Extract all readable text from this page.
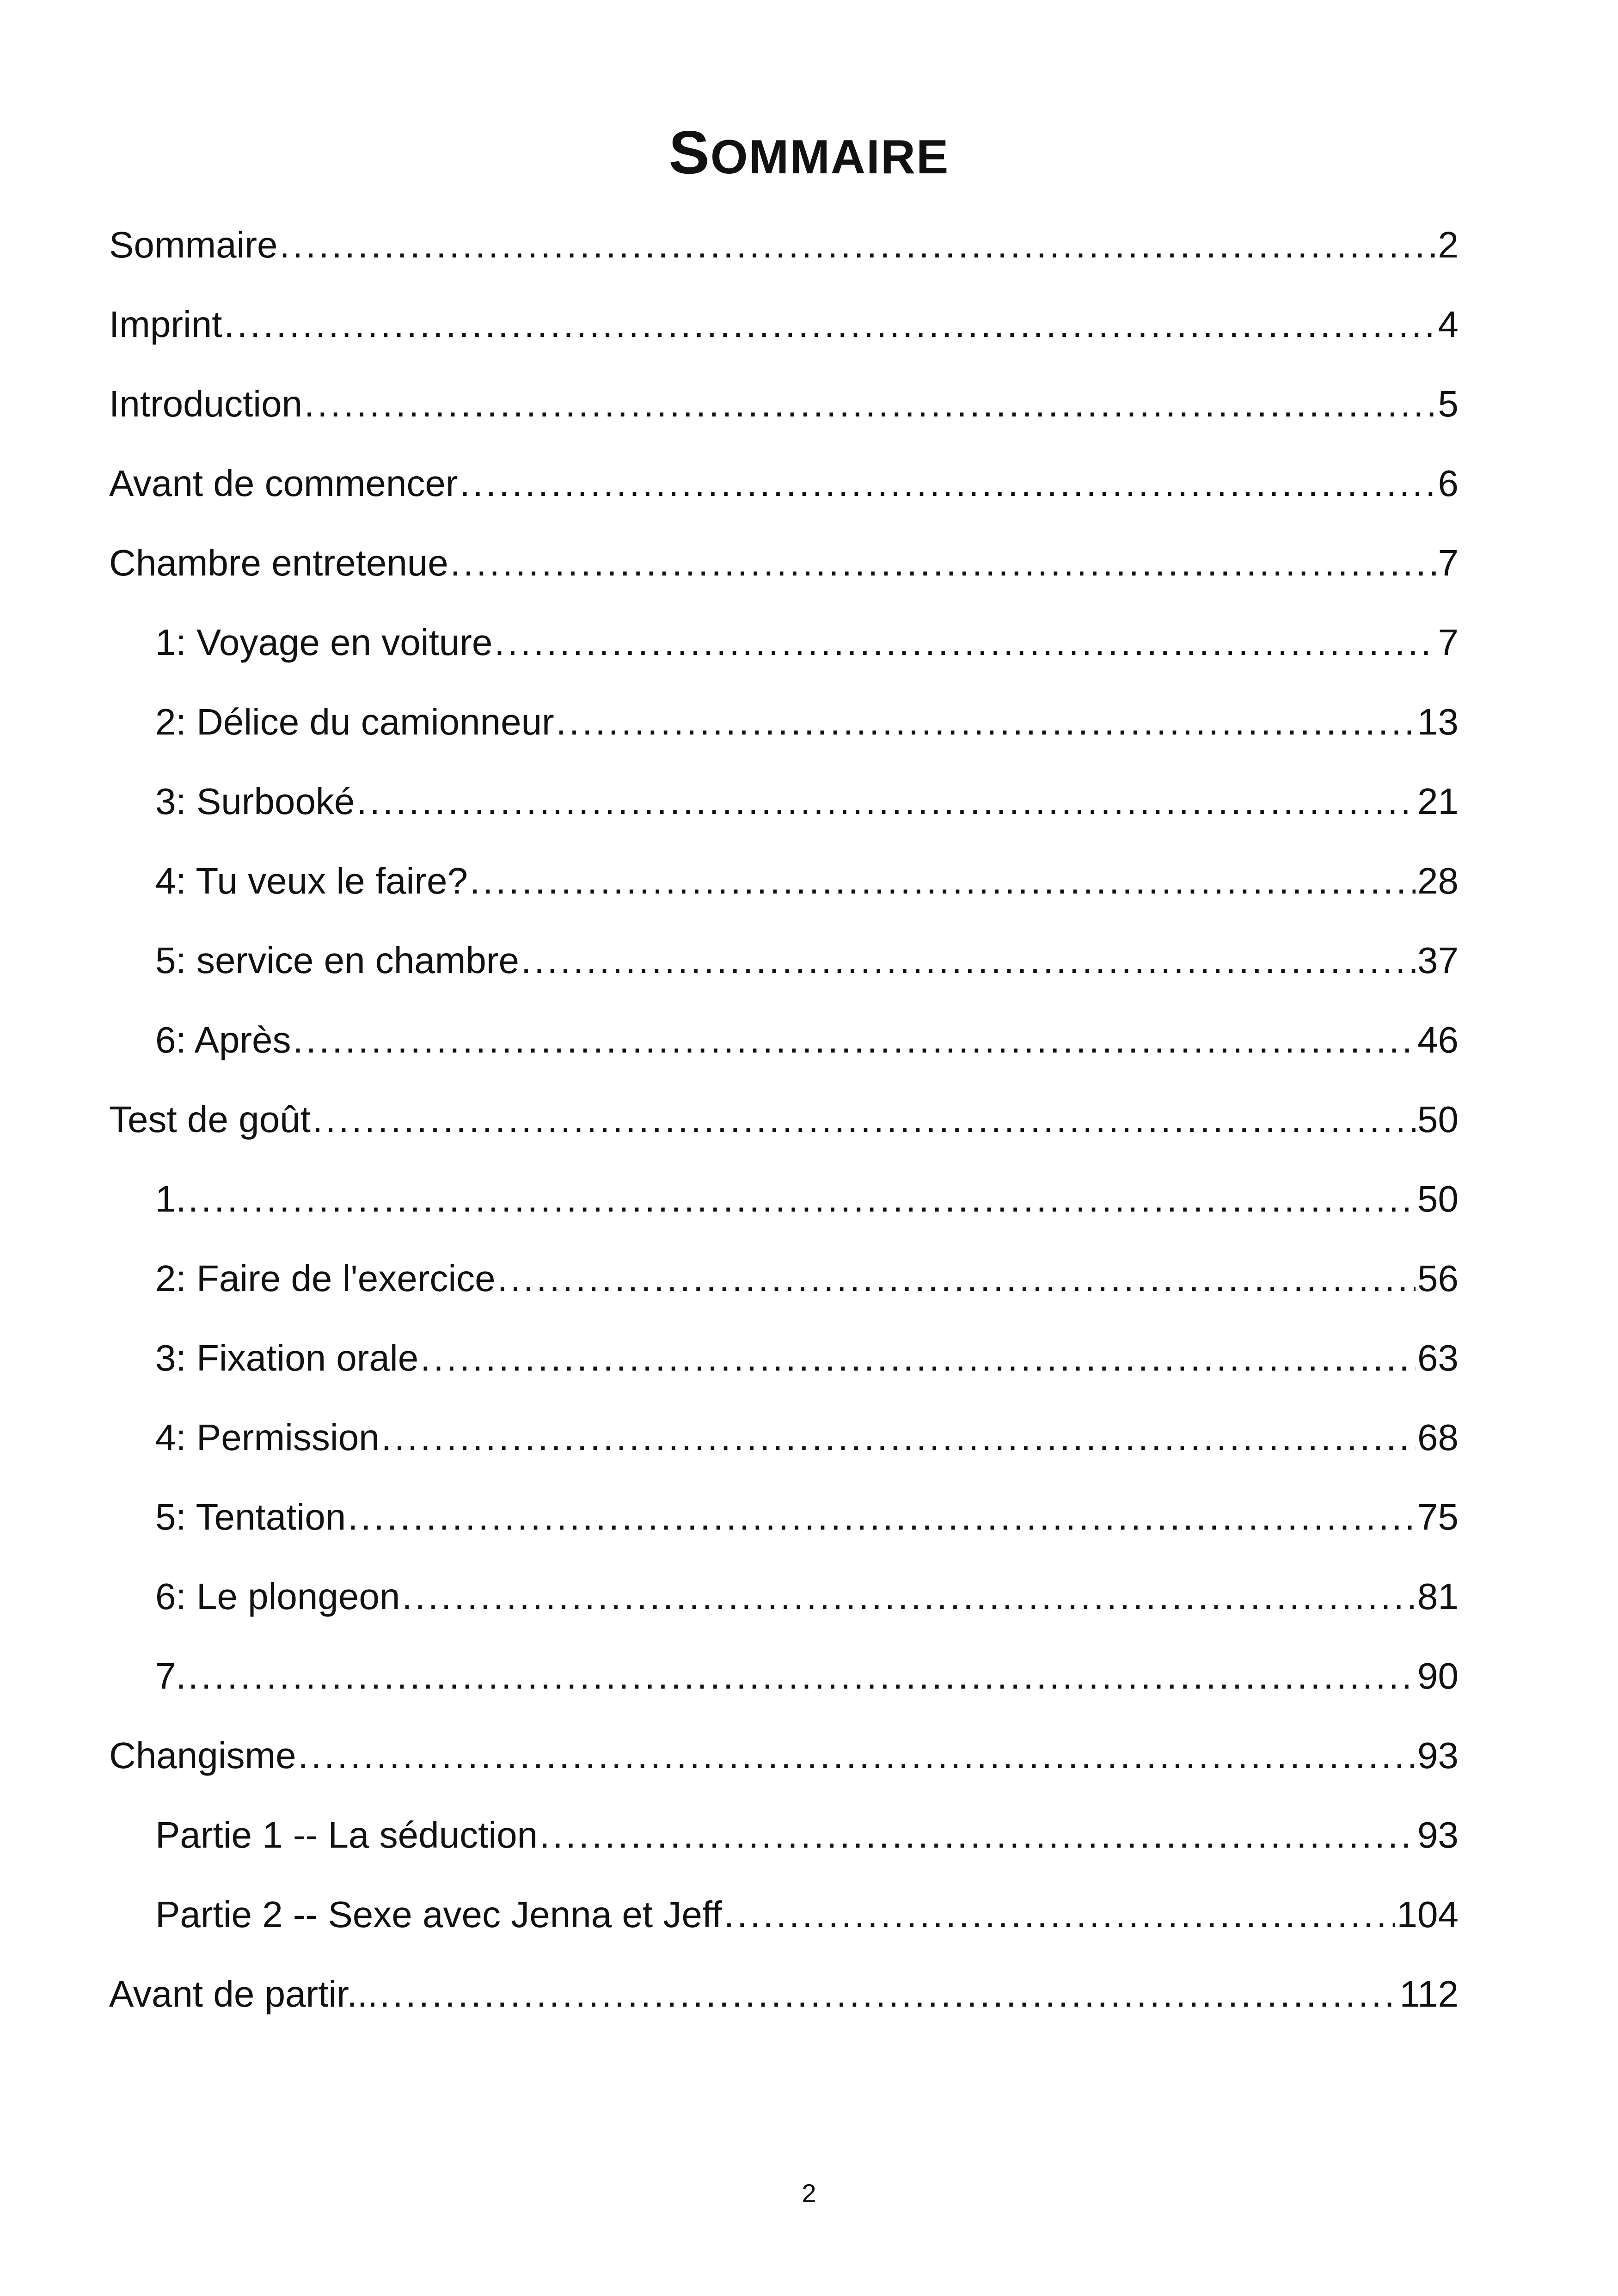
SOMMAIRE
Sommaire .....	2
Imprint .....	4
Introduction .....	5
Avant de commencer .....	6
Chambre entretenue .....	7
1: Voyage en voiture .....	7
2: Délice du camionneur .....	13
3: Surbooké .....	21
4: Tu veux le faire? .....	28
5: service en chambre .....	37
6: Après .....	46
Test de goût .....	50
1. .....	50
2: Faire de l'exercice .....	56
3: Fixation orale .....	63
4: Permission .....	68
5: Tentation .....	75
6: Le plongeon .....	81
7. .....	90
Changisme .....	93
Partie 1 -- La séduction .....	93
Partie 2 -- Sexe avec Jenna et Jeff .....	104
Avant de partir... .....	112
2
